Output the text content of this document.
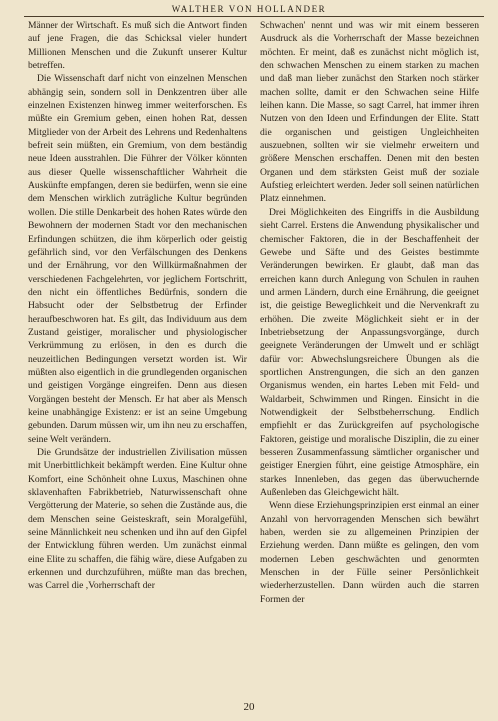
WALTHER VON HOLLANDER

Männer der Wirtschaft. Es muß sich die Antwort finden auf jene Fragen, die das Schicksal vieler hundert Millionen Menschen und die Zukunft unserer Kultur betreffen.

Die Wissenschaft darf nicht von einzelnen Menschen abhängig sein, sondern soll in Denkzentren über alle einzelnen Existenzen hinweg immer weiterforschen. Es müßte ein Gremium geben, einen hohen Rat, dessen Mitglieder von der Arbeit des Lehrens und Redenhaltens befreit sein müßten, ein Gremium, von dem beständig neue Ideen ausstrahlen. Die Führer der Völker könnten aus dieser Quelle wissenschaftlicher Wahrheit die Auskünfte empfangen, deren sie bedürfen, wenn sie eine dem Menschen wirklich zuträgliche Kultur begründen wollen. Die stille Denkarbeit des hohen Rates würde den Bewohnern der modernen Stadt vor den mechanischen Erfindungen schützen, die ihm körperlich oder geistig gefährlich sind, vor den Verfälschungen des Denkens und der Ernährung, vor den Willkürmaßnahmen der verschiedenen Fachgelehrten, vor jeglichem Fortschritt, den nicht ein öffentliches Bedürfnis, sondern die Habsucht oder der Selbstbetrug der Erfinder heraufbeschworen hat. Es gilt, das Individuum aus dem Zustand geistiger, moralischer und physiologischer Verkrümmung zu erlösen, in den es durch die neuzeitlichen Bedingungen versetzt worden ist. Wir müßten also eigentlich in die grundlegenden organischen und geistigen Vorgänge eingreifen. Denn aus diesen Vorgängen besteht der Mensch. Er hat aber als Mensch keine unabhängige Existenz: er ist an seine Umgebung gebunden. Darum müssen wir, um ihn neu zu erschaffen, seine Welt verändern.

Die Grundsätze der industriellen Zivilisation müssen mit Unerbittlichkeit bekämpft werden. Eine Kultur ohne Komfort, eine Schönheit ohne Luxus, Maschinen ohne sklavenhaften Fabrikbetrieb, Naturwissenschaft ohne Vergötterung der Materie, so sehen die Zustände aus, die dem Menschen seine Geisteskraft, sein Moralgefühl, seine Männlichkeit neu schenken und ihn auf den Gipfel der Entwicklung führen werden. Um zunächst einmal eine Elite zu schaffen, die fähig wäre, diese Aufgaben zu erkennen und durchzuführen, müßte man das brechen, was Carrel die ,Vorherrschaft der

Schwachen' nennt und was wir mit einem besseren Ausdruck als die Vorherrschaft der Masse bezeichnen möchten. Er meint, daß es zunächst nicht möglich ist, den schwachen Menschen zu einem starken zu machen und daß man lieber zunächst den Starken noch stärker machen sollte, damit er den Schwachen seine Hilfe leihen kann. Die Masse, so sagt Carrel, hat immer ihren Nutzen von den Ideen und Erfindungen der Elite. Statt die organischen und geistigen Ungleichheiten auszuebnen, sollten wir sie vielmehr erweitern und größere Menschen erschaffen. Denen mit den besten Organen und dem stärksten Geist muß der soziale Aufstieg erleichtert werden. Jeder soll seinen natürlichen Platz einnehmen.

Drei Möglichkeiten des Eingriffs in die Ausbildung sieht Carrel. Erstens die Anwendung physikalischer und chemischer Faktoren, die in der Beschaffenheit der Gewebe und Säfte und des Geistes bestimmte Veränderungen bewirken. Er glaubt, daß man das erreichen kann durch Anlegung von Schulen in rauhen und armen Ländern, durch eine Ernährung, die geeignet ist, die geistige Beweglichkeit und die Nervenkraft zu erhöhen. Die zweite Möglichkeit sieht er in der Inbetriebsetzung der Anpassungsvorgänge, durch geeignete Veränderungen der Umwelt und er schlägt dafür vor: Abwechslungsreichere Übungen als die sportlichen Anstrengungen, die sich an den ganzen Organismus wenden, ein hartes Leben mit Feld- und Waldarbeit, Schwimmen und Ringen. Einsicht in die Notwendigkeit der Selbstbeherrschung. Endlich empfiehlt er das Zurückgreifen auf psychologische Faktoren, geistige und moralische Disziplin, die zu einer besseren Zusammenfassung sämtlicher organischer und geistiger Energien führt, eine geistige Atmosphäre, ein starkes Innenleben, das gegen das überwuchernde Außenleben das Gleichgewicht hält.

Wenn diese Erziehungsprinzipien erst einmal an einer Anzahl von hervorragenden Menschen sich bewährt haben, werden sie zu allgemeinen Prinzipien der Erziehung werden. Dann müßte es gelingen, den vom modernen Leben geschwächten und genormten Menschen in der Fülle seiner Persönlichkeit wiederherzustellen. Dann würden auch die starren Formen der

20
